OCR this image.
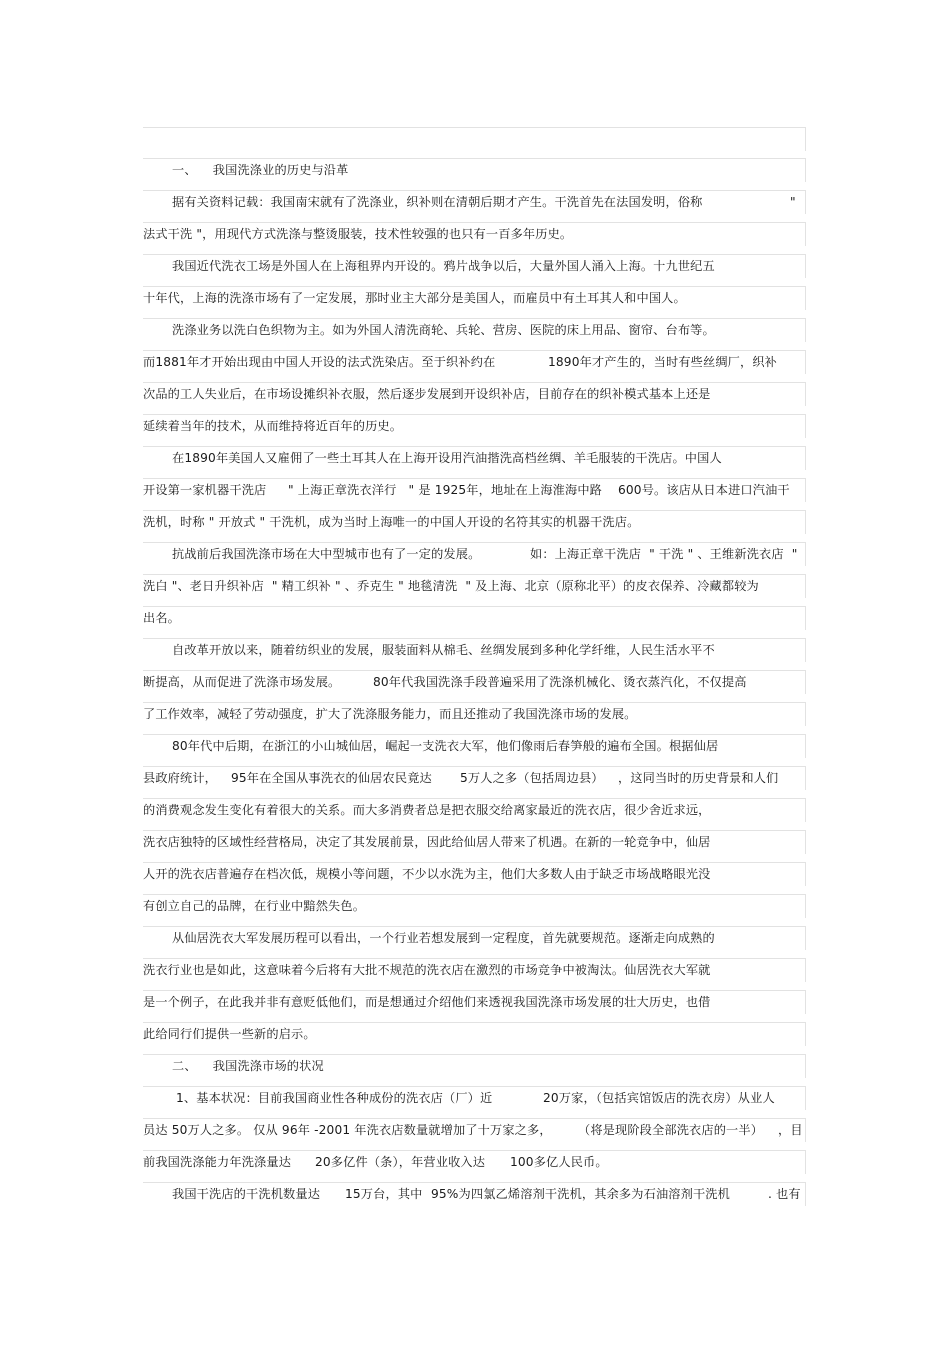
一、    我国洗涤业的历史与沿革
据有关资料记载：我国南宋就有了洗涤业，织补则在清朝后期才产生。干洗首先在法国发明，俗称	"
法式干洗 "，用现代方式洗涤与整烫服装，技术性较强的也只有一百多年历史。
我国近代洗衣工场是外国人在上海租界内开设的。鸦片战争以后，大量外国人涌入上海。十九世纪五
十年代，上海的洗涤市场有了一定发展，那时业主大部分是美国人，而雇员中有土耳其人和中国人。
洗涤业务以洗白色织物为主。如为外国人清洗商轮、兵轮、营房、医院的床上用品、窗帘、台布等。
而1881年才开始出现由中国人开设的法式洗染店。至于织补约在	1890年才产生的，当时有些丝绸厂，织补
次品的工人失业后，在市场设摊织补衣服，然后逐步发展到开设织补店，目前存在的织补模式基本上还是
延续着当年的技术，从而维持将近百年的历史。
在1890年美国人又雇佣了一些土耳其人在上海开设用汽油揩洗高档丝绸、羊毛服装的干洗店。中国人
开设第一家机器干洗店 " 上海正章洗衣洋行   " 是 1925年，地址在上海淮海中路 600号。该店从日本进口汽油干
洗机，时称 " 开放式 " 干洗机，成为当时上海唯一的中国人开设的名符其实的机器干洗店。
抗战前后我国洗涤市场在大中型城市也有了一定的发展。	如：上海正章干洗店  " 干洗 " 、王维新洗衣店  "
洗白 "、老日升织补店  " 精工织补 " 、乔克生 " 地毯清洗  " 及上海、北京（原称北平）的皮衣保养、冷藏都较为
出名。
自改革开放以来，随着纺织业的发展，服装面料从棉毛、丝绸发展到多种化学纤维，人民生活水平不
断提高，从而促进了洗涤市场发展。	80年代我国洗涤手段普遍采用了洗涤机械化、烫衣蒸汽化，不仅提高
了工作效率，减轻了劳动强度，扩大了洗涤服务能力，而且还推动了我国洗涤市场的发展。
80年代中后期，在浙江的小山城仙居，崛起一支洗衣大军，他们像雨后春笋般的遍布全国。根据仙居
县政府统计， 95年在全国从事洗衣的仙居农民竟达 5万人之多（包括周边县） ，这同当时的历史背景和人们
的消费观念发生变化有着很大的关系。而大多消费者总是把衣服交给离家最近的洗衣店，很少舍近求远，
洗衣店独特的区域性经营格局，决定了其发展前景，因此给仙居人带来了机遇。在新的一轮竞争中，仙居
人开的洗衣店普遍存在档次低，规模小等问题，不少以水洗为主，他们大多数人由于缺乏市场战略眼光没
有创立自己的品牌，在行业中黯然失色。
从仙居洗衣大军发展历程可以看出，一个行业若想发展到一定程度，首先就要规范。逐渐走向成熟的
洗衣行业也是如此，这意味着今后将有大批不规范的洗衣店在激烈的市场竞争中被淘汰。仙居洗衣大军就
是一个例子，在此我并非有意贬低他们，而是想通过介绍他们来透视我国洗涤市场发展的壮大历史，也借
此给同行们提供一些新的启示。
二、    我国洗涤市场的状况
1、基本状况：目前我国商业性各种成份的洗衣店（厂）近	20万家，（包括宾馆饭店的洗衣房）从业人
员达 50万人之多。 仅从 96年 -2001 年洗衣店数量就增加了十万家之多， （将是现阶段全部洗衣店的一半） ，目
前我国洗涤能力年洗涤量达 20多亿件（条），年营业收入达 100多亿人民币。
我国干洗店的干洗机数量达 15万台，其中 95%为四氯乙烯溶剂干洗机，其余多为石油溶剂干洗机	. 也有
